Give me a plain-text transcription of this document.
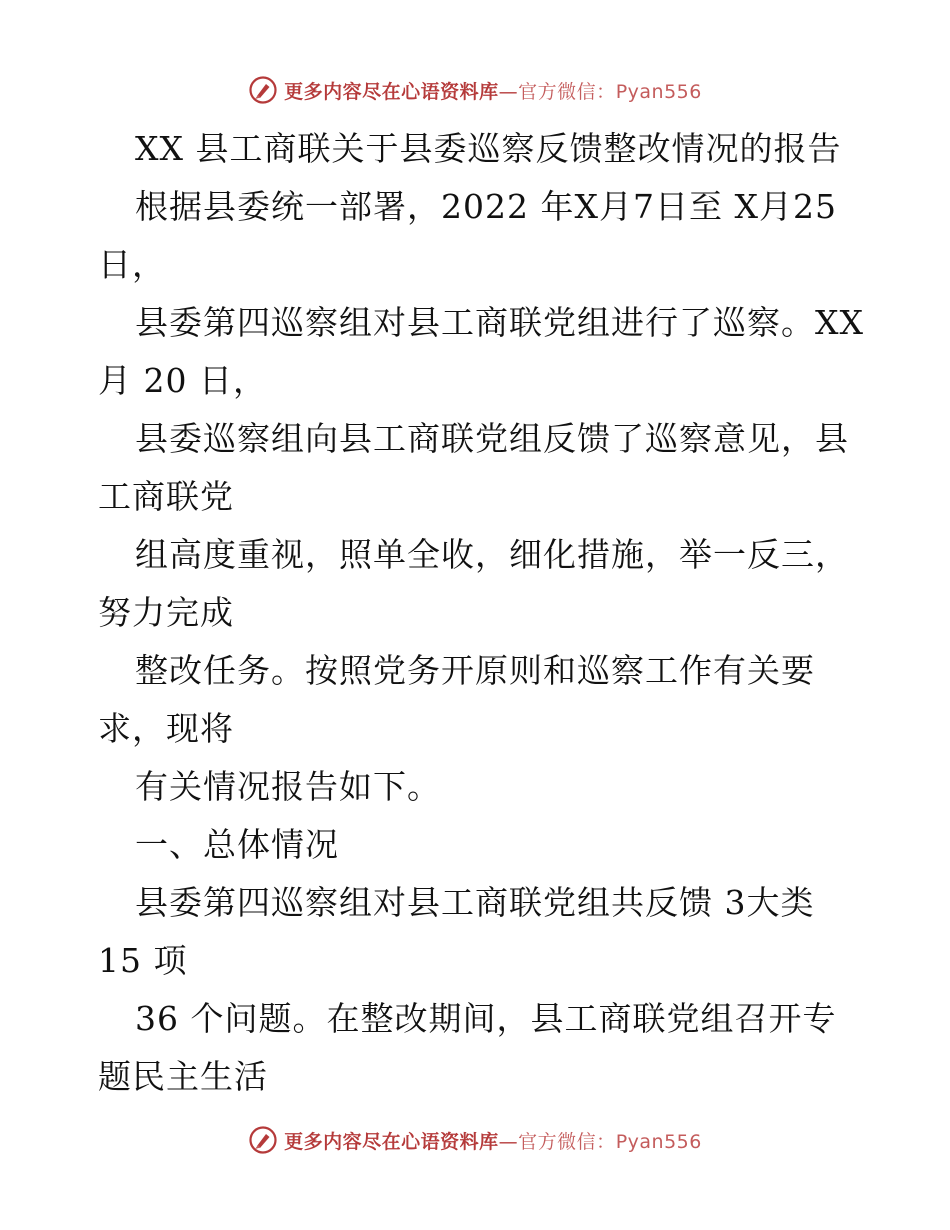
更多内容尽在心语资料库—官方微信：Pyan556
XX 县工商联关于县委巡察反馈整改情况的报告
根据县委统一部署，2022 年X月7日至 X月25
日，
县委第四巡察组对县工商联党组进行了巡察。XX
月 20 日，
县委巡察组向县工商联党组反馈了巡察意见，县
工商联党
组高度重视，照单全收，细化措施，举一反三，
努力完成
整改任务。按照党务开原则和巡察工作有关要
求，现将
有关情况报告如下。
一、总体情况
县委第四巡察组对县工商联党组共反馈 3大类
15 项
36 个问题。在整改期间，县工商联党组召开专
题民主生活
更多内容尽在心语资料库—官方微信：Pyan556
